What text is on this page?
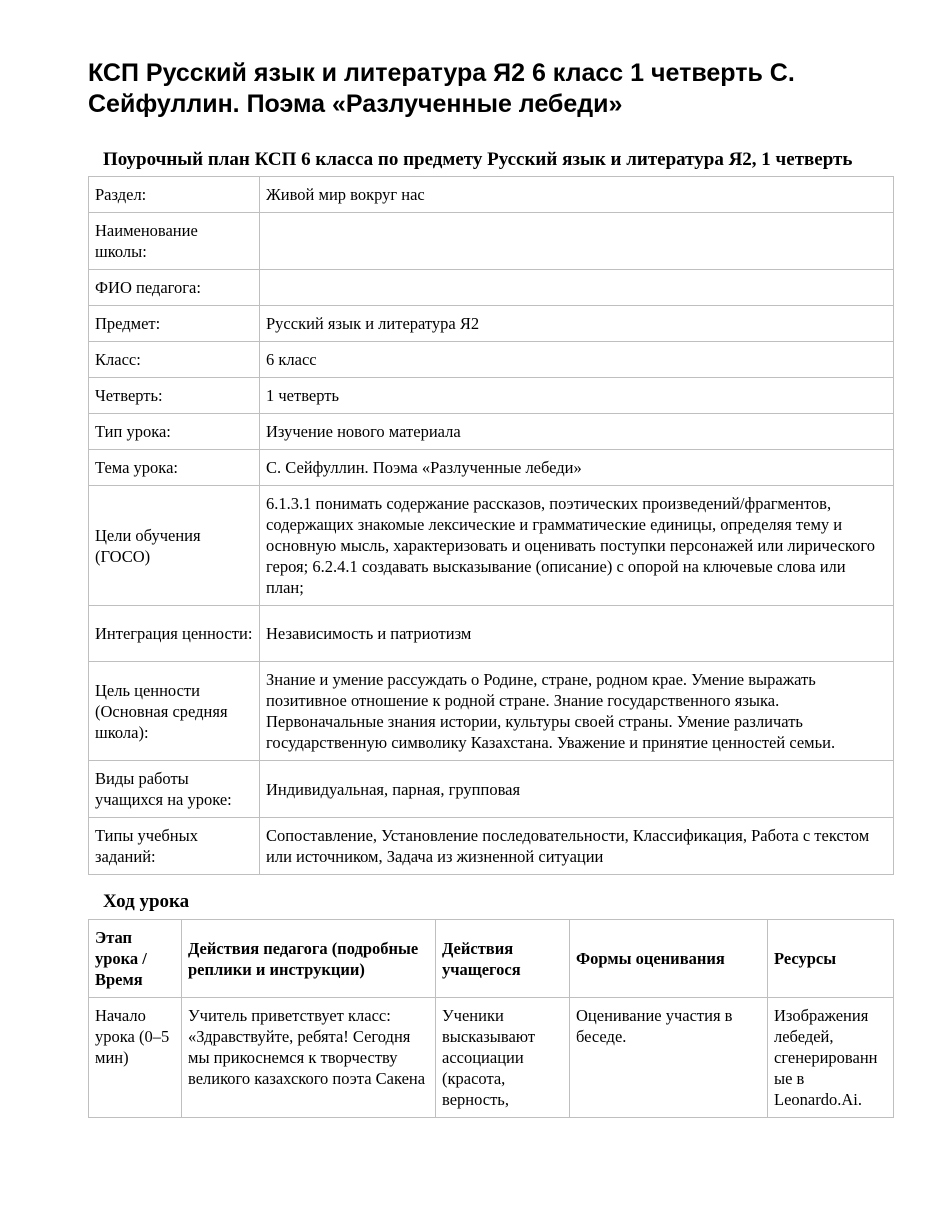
КСП Русский язык и литература Я2 6 класс 1 четверть С. Сейфуллин. Поэма «Разлученные лебеди»
Поурочный план КСП 6 класса по предмету Русский язык и литература Я2, 1 четверть
Раздел:	Живой мир вокруг нас
Наименование школы:	
ФИО педагога:	
Предмет:	Русский язык и литература Я2
Класс:	6 класс
Четверть:	1 четверть
Тип урока:	Изучение нового материала
Тема урока:	С. Сейфуллин. Поэма «Разлученные лебеди»
Цели обучения (ГОСО)	6.1.3.1 понимать содержание рассказов, поэтических произведений/фрагментов, содержащих знакомые лексические и грамматические единицы, определяя тему и основную мысль, характеризовать и оценивать поступки персонажей или лирического героя; 6.2.4.1 создавать высказывание (описание) с опорой на ключевые слова или план;
Интеграция ценности:	Независимость и патриотизм
Цель ценности (Основная средняя школа):	Знание и умение рассуждать о Родине, стране, родном крае. Умение выражать позитивное отношение к родной стране. Знание государственного языка. Первоначальные знания истории, культуры своей страны. Умение различать государственную символику Казахстана. Уважение и принятие ценностей семьи.
Виды работы учащихся на уроке:	Индивидуальная, парная, групповая
Типы учебных заданий:	Сопоставление, Установление последовательности, Классификация, Работа с текстом или источником, Задача из жизненной ситуации
Ход урока
Этап урока / Время	Действия педагога (подробные реплики и инструкции)	Действия учащегося	Формы оценивания	Ресурсы
Начало урока (0–5 мин)	Учитель приветствует класс: «Здравствуйте, ребята! Сегодня мы прикоснемся к творчеству великого казахского поэта Сакена	Ученики высказывают ассоциации (красота, верность,	Оценивание участия в беседе.	Изображения лебедей, сгенерированные в Leonardo.Ai.
